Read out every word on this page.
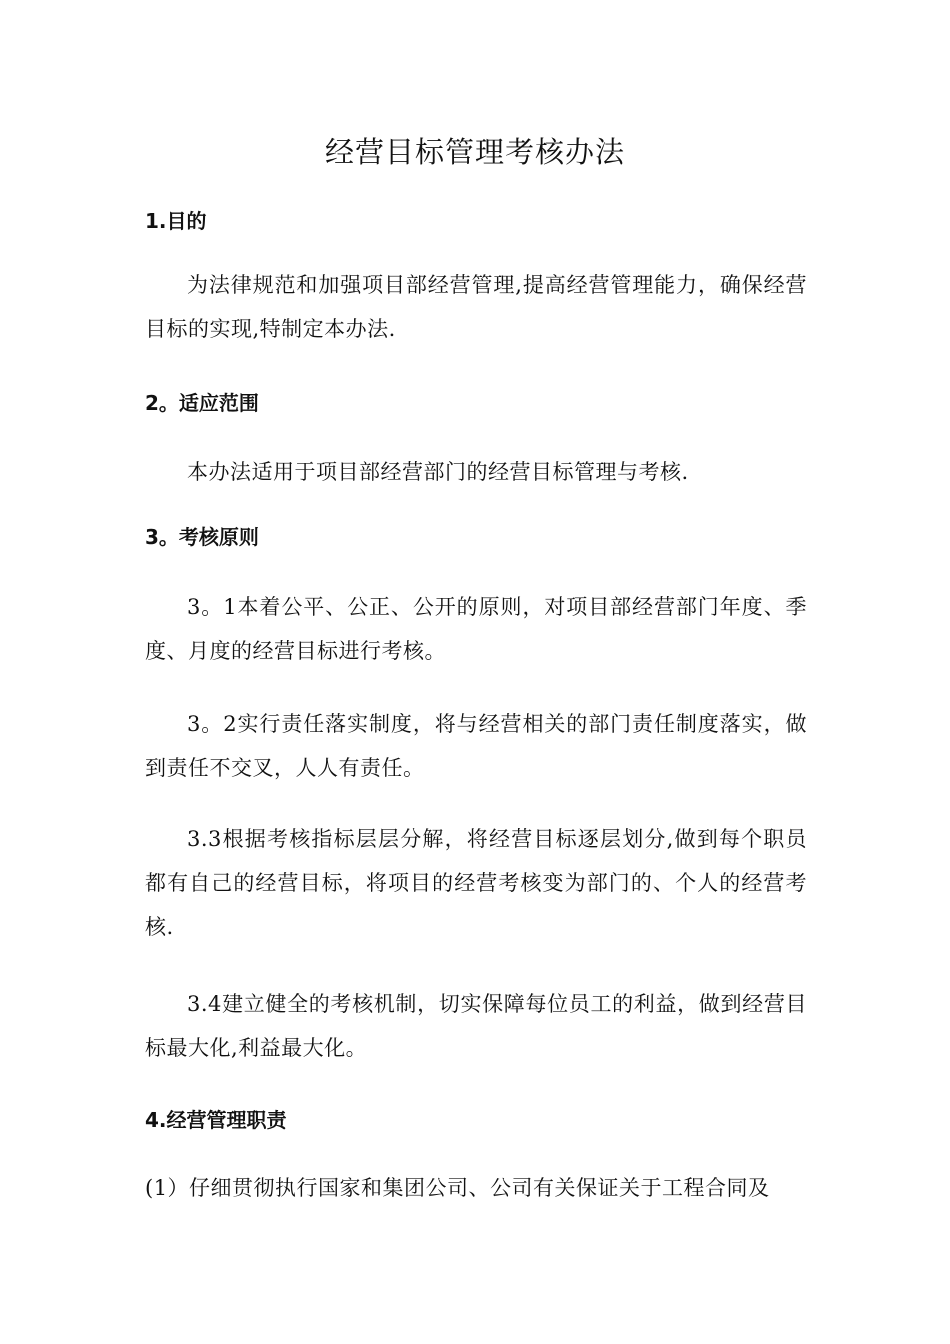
经营目标管理考核办法
1.目的

为法律规范和加强项目部经营管理,提高经营管理能力，确保经营目标的实现,特制定本办法.

2。适应范围

本办法适用于项目部经营部门的经营目标管理与考核.

3。考核原则

3。1本着公平、公正、公开的原则，对项目部经营部门年度、季度、月度的经营目标进行考核。

3。2实行责任落实制度，将与经营相关的部门责任制度落实，做到责任不交叉，人人有责任。

3.3根据考核指标层层分解，将经营目标逐层划分,做到每个职员都有自己的经营目标，将项目的经营考核变为部门的、个人的经营考核.

3.4建立健全的考核机制，切实保障每位员工的利益，做到经营目标最大化,利益最大化。

4.经营管理职责

(1）仔细贯彻执行国家和集团公司、公司有关保证关于工程合同及
